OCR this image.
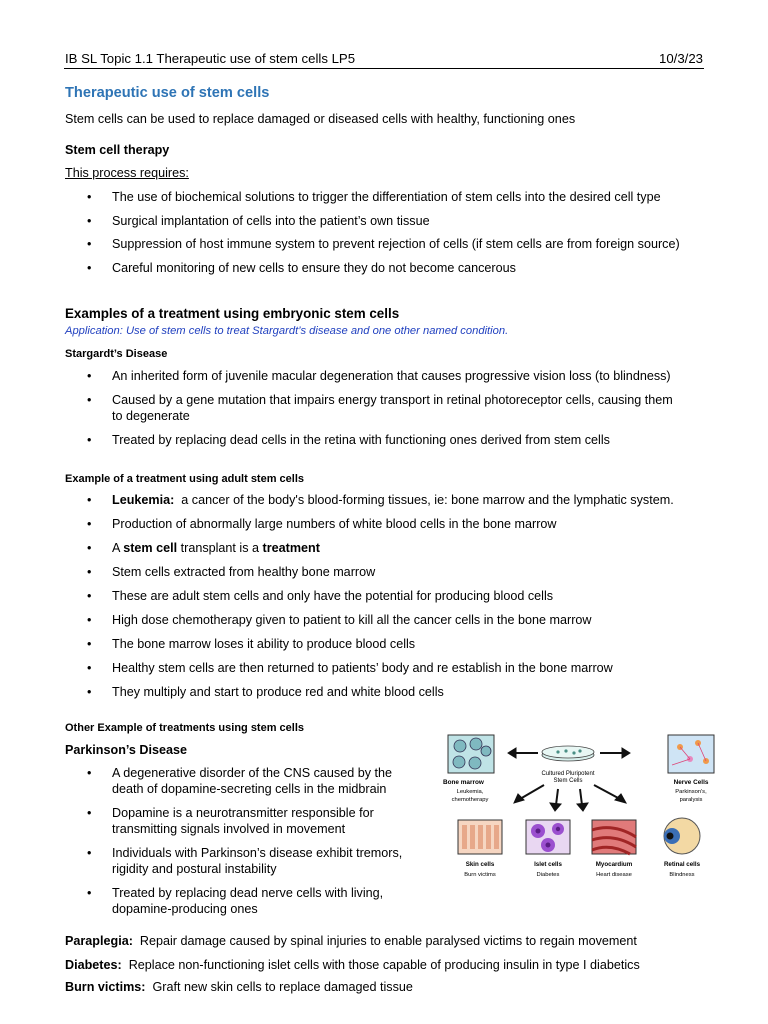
IB SL Topic 1.1 Therapeutic use of stem cells LP5	10/3/23
Therapeutic use of stem cells
Stem cells can be used to replace damaged or diseased cells with healthy, functioning ones
Stem cell therapy
This process requires:
• The use of biochemical solutions to trigger the differentiation of stem cells into the desired cell type
• Surgical implantation of cells into the patient’s own tissue
• Suppression of host immune system to prevent rejection of cells (if stem cells are from foreign source)
• Careful monitoring of new cells to ensure they do not become cancerous
Examples of a treatment using embryonic stem cells
Application: Use of stem cells to treat Stargardt’s disease and one other named condition.
Stargardt’s Disease
• An inherited form of juvenile macular degeneration that causes progressive vision loss (to blindness)
• Caused by a gene mutation that impairs energy transport in retinal photoreceptor cells, causing them
to degenerate
• Treated by replacing dead cells in the retina with functioning ones derived from stem cells
Example of a treatment using adult stem cells
• Leukemia:  a cancer of the body's blood-forming tissues, ie: bone marrow and the lymphatic system.
• Production of abnormally large numbers of white blood cells in the bone marrow
• A stem cell transplant is a treatment
• Stem cells extracted from healthy bone marrow
• These are adult stem cells and only have the potential for producing blood cells
• High dose chemotherapy given to patient to kill all the cancer cells in the bone marrow
• The bone marrow loses it ability to produce blood cells
• Healthy stem cells are then returned to patients’ body and re establish in the bone marrow
• They multiply and start to produce red and white blood cells
Other Example of treatments using stem cells
Parkinson’s Disease
• A degenerative disorder of the CNS caused by the
death of dopamine-secreting cells in the midbrain
• Dopamine is a neurotransmitter responsible for
transmitting signals involved in movement
• Individuals with Parkinson’s disease exhibit tremors,
rigidity and postural instability
• Treated by replacing dead nerve cells with living,
dopamine-producing ones
Bone marrow
Leukemia,
chemotherapy
Cultured Pluripotent
Stem Cells	Nerve Cells
Parkinson's,
paralysis
Skin cells
Burn victims
Islet cells
Diabetes
Myocardium
Heart disease
Retinal cells
Blindness
Paraplegia:  Repair damage caused by spinal injuries to enable paralysed victims to regain movement
Diabetes:  Replace non-functioning islet cells with those capable of producing insulin in type I diabetics
Burn victims:  Graft new skin cells to replace damaged tissue
